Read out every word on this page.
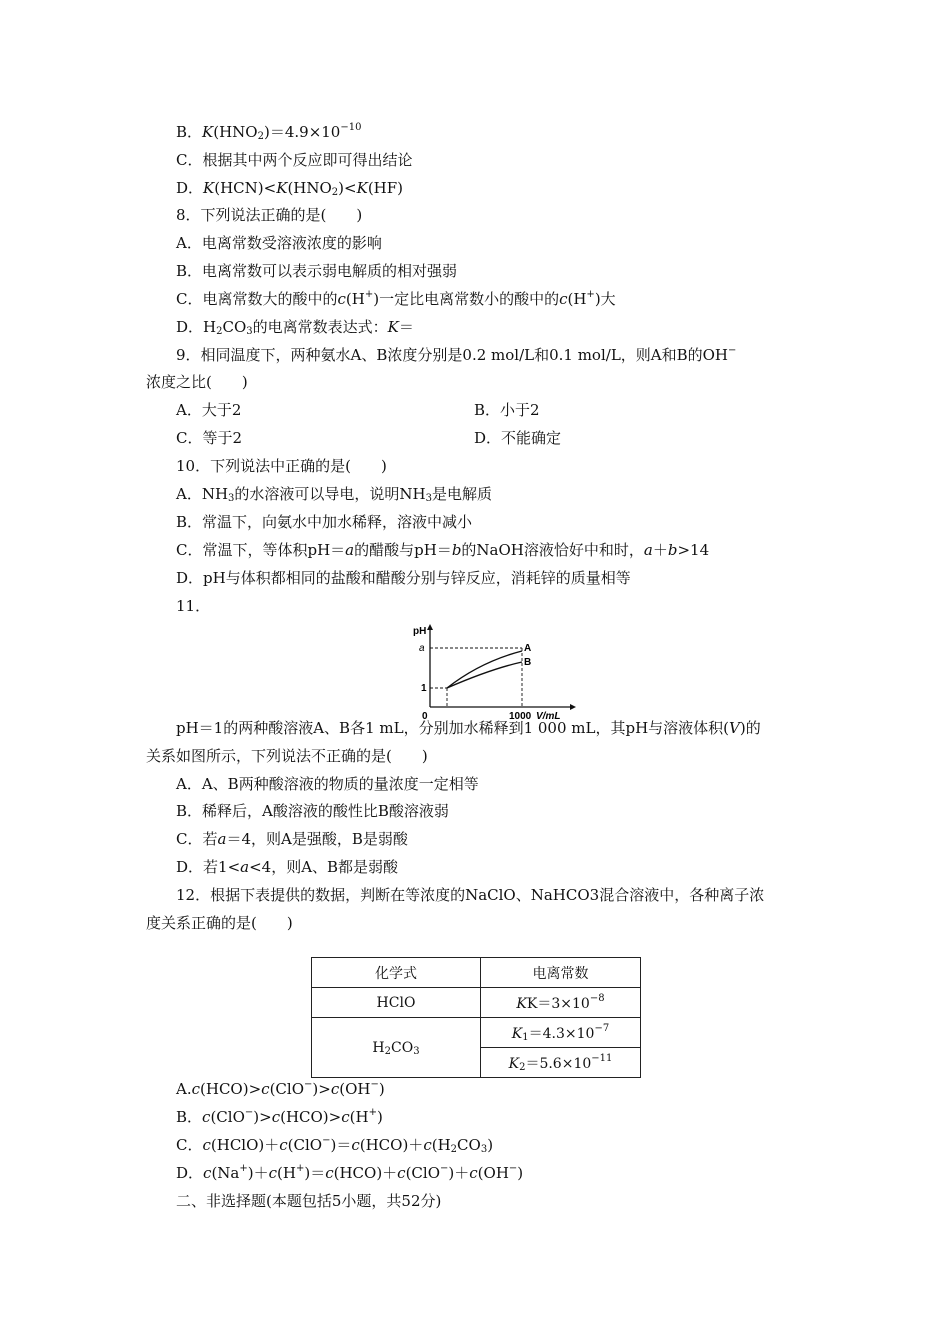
B．$K(HNO_2)=4.9\times 10^{-10}$
C．根据其中两个反应即可得出结论
D．$K(HCN)<K(HNO_2)<K(HF)$
8．下列说法正确的是(　　)
A．电离常数受溶液浓度的影响
B．电离常数可以表示弱电解质的相对强弱
C．电离常数大的酸中的c(H+)一定比电离常数小的酸中的c(H+)大
D．$H_2CO_3$的电离常数表达式：K＝
9．相同温度下，两种氨水A、B浓度分别是0.2 mol/L和0.1 mol/L，则A和B的OH−
浓度之比(　　)
A．大于2	B．小于2
C．等于2	D．不能确定
10．下列说法中正确的是(　　)
A．$NH_3$的水溶液可以导电，说明$NH_3$是电解质
B．常温下，向氨水中加水稀释，溶液中减小
C．常温下，等体积pH＝a的醋酸与pH＝b的NaOH溶液恰好中和时，a＋b>14
D．pH与体积都相同的盐酸和醋酸分别与锌反应，消耗锌的质量相等
11．
pH
a
1
0	1000 V/mL
A
B
pH＝1的两种酸溶液A、B各1 mL，分别加水稀释到1 000 mL，其pH与溶液体积(V)的
关系如图所示，下列说法不正确的是(　　)
A．A、B两种酸溶液的物质的量浓度一定相等
B．稀释后，A酸溶液的酸性比B酸溶液弱
C．若a＝4，则A是强酸，B是弱酸
D．若1<a<4，则A、B都是弱酸
12．根据下表提供的数据，判断在等浓度的NaClO、NaHCO3混合溶液中，各种离子浓
度关系正确的是(　　)
化学式	电离常数
HClO	$KK=3\times 10^{-8}$
$H_2CO_3$	$K_1=4.3\times 10^{-7}$
	$K_2=5.6\times 10^{-11}$
A.c(HCO)>c(ClO−)>c(OH−)
B．c(ClO−)>c(HCO)>c(H+)
C．$c(HClO)+c(ClO^-)=c(HCO)+c(H_2CO_3)$
D．c(Na+)＋c(H+)＝c(HCO)＋c(ClO−)＋c(OH−)
二、非选择题(本题包括5小题，共52分)
